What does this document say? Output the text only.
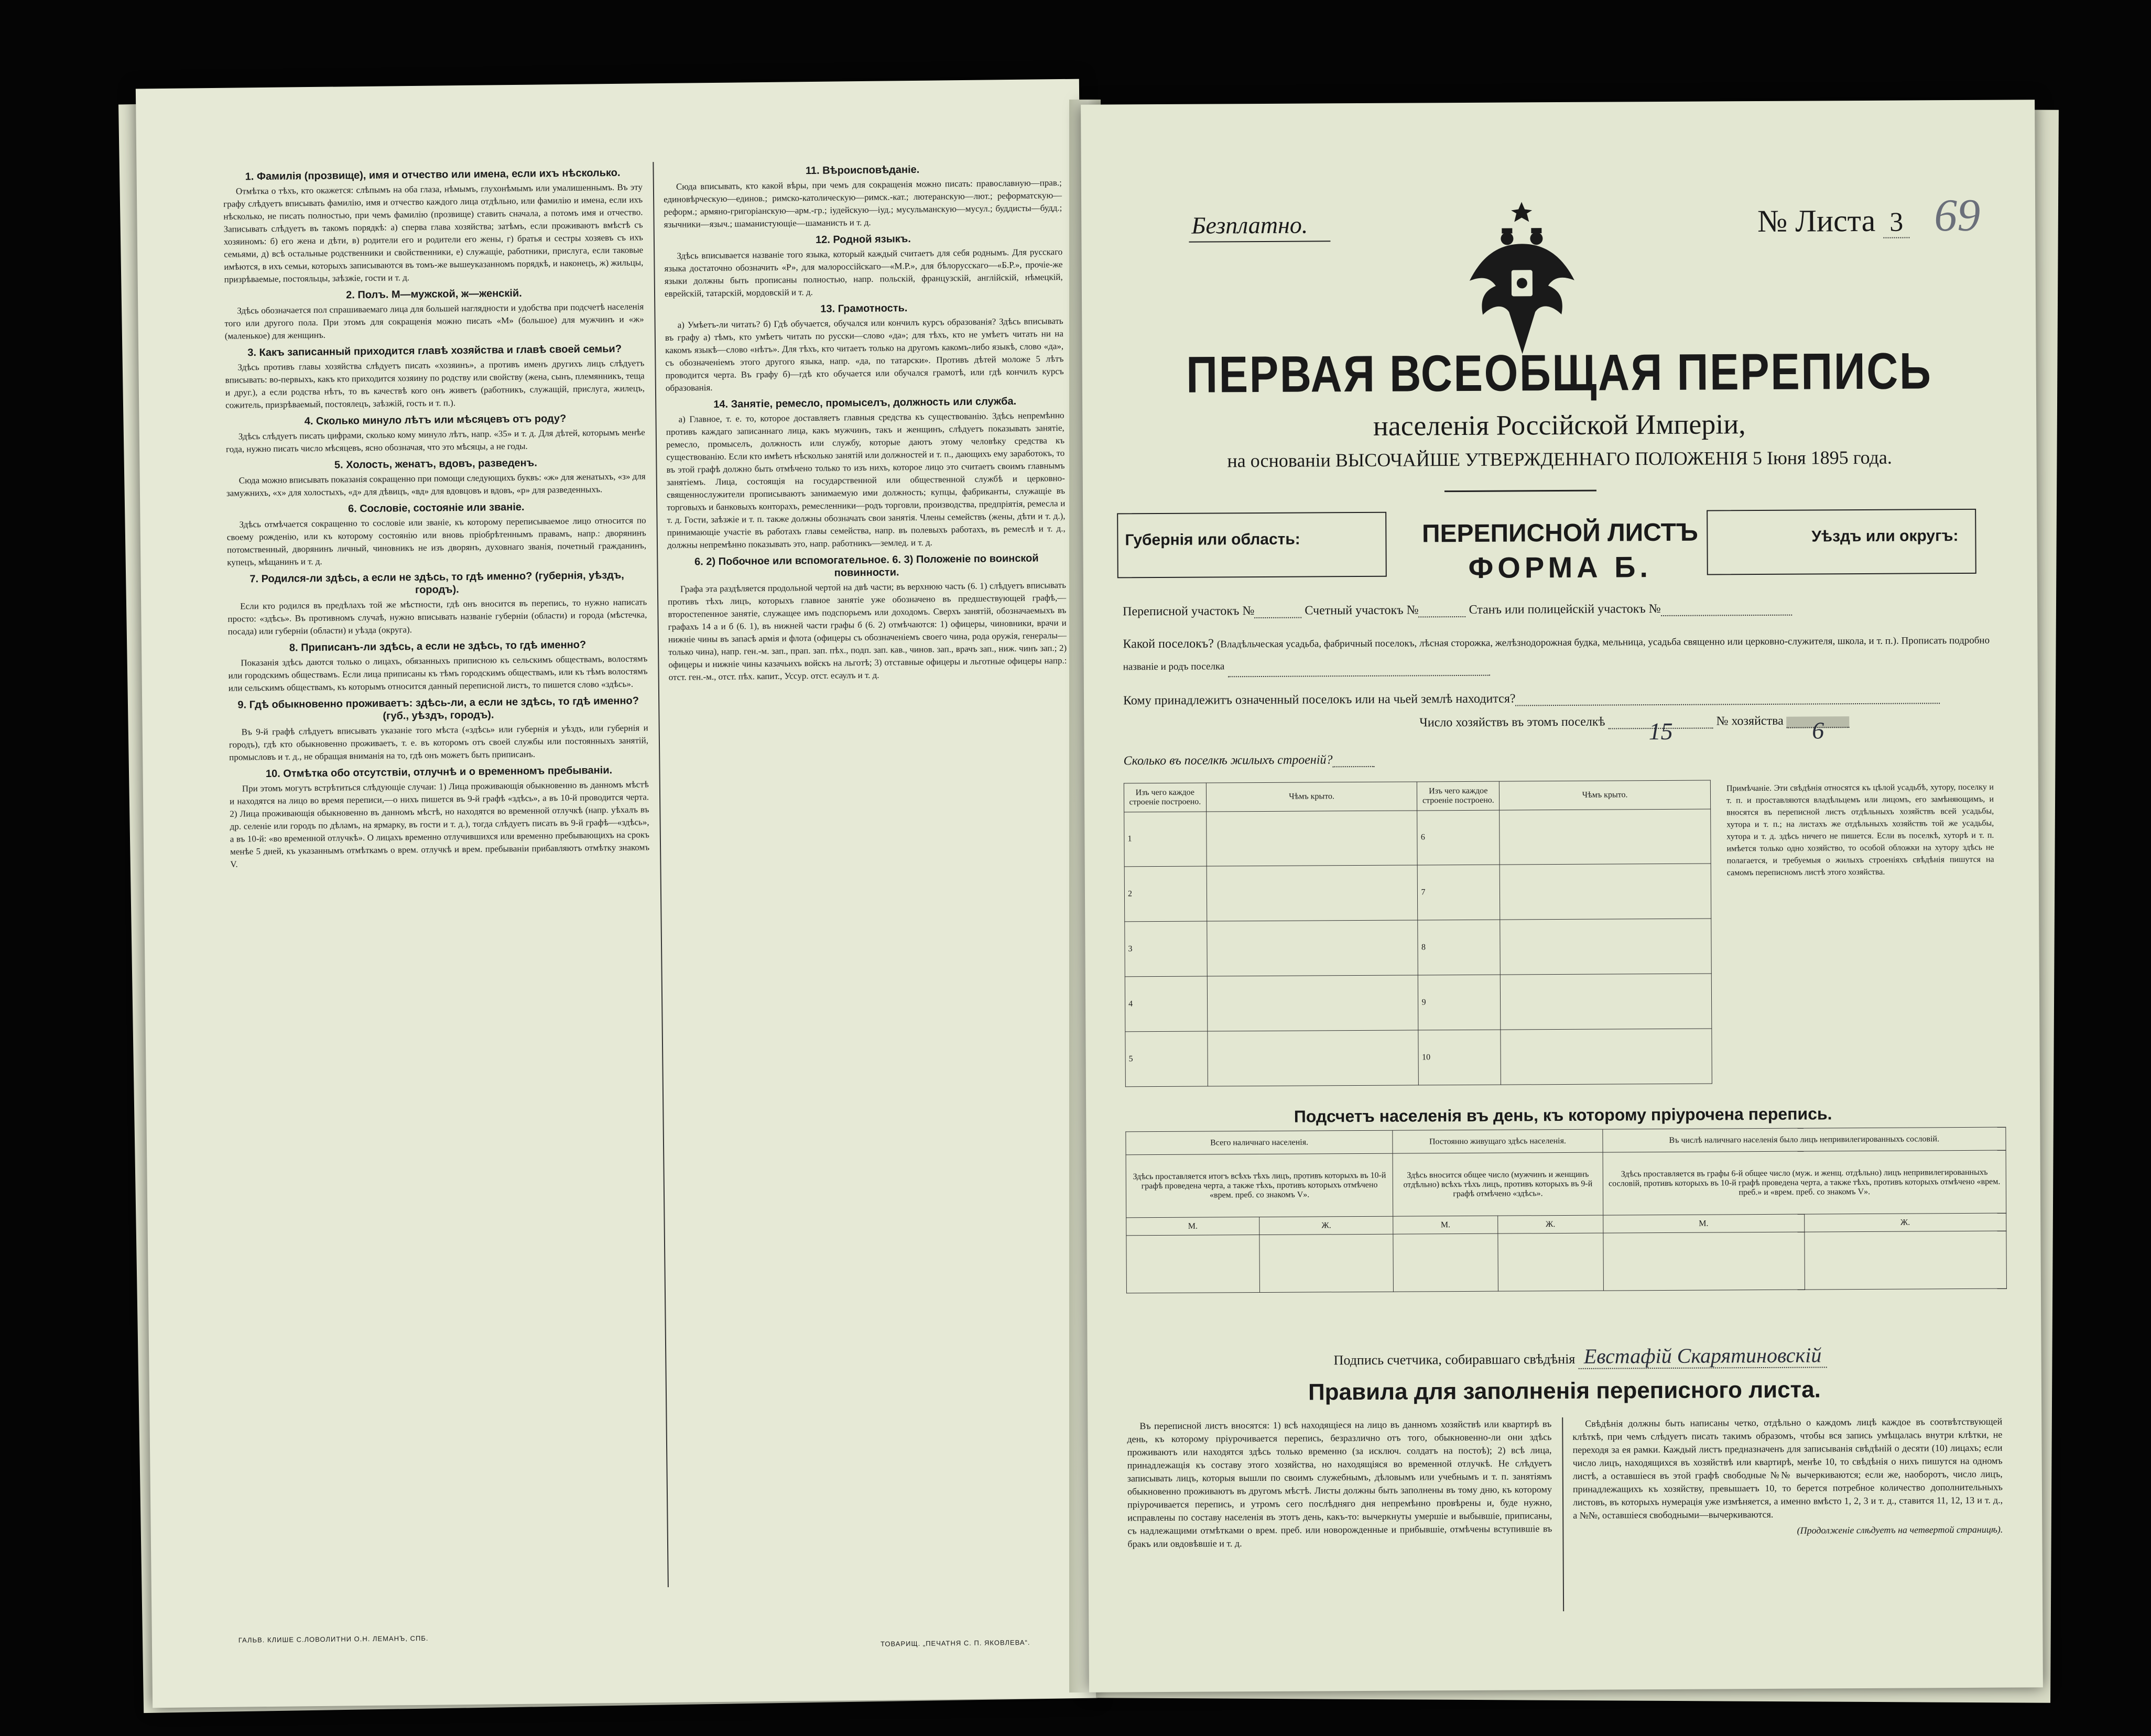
1. Фамилія (прозвище), имя и отчество или имена, если ихъ нѣсколько.

Отмѣтка о тѣхъ, кто окажется: слѣпымъ на оба глаза, нѣмымъ, глухонѣмымъ или умалишеннымъ. Въ эту графу слѣдуетъ вписывать фамилію, имя и отчество каждого лица отдѣльно, или фамилію и имена, если ихъ нѣсколько, не писать полностью, при чемъ фамилію (прозвище) ставить сначала, а потомъ имя и отчество. Записывать слѣдуетъ въ такомъ порядкѣ: а) сперва глава хозяйства; затѣмъ, если проживаютъ вмѣстѣ съ хозяиномъ: б) его жена и дѣти, в) родители его и родители его жены, г) братья и сестры хозяевъ съ ихъ семьями, д) всѣ остальные родственники и свойственники, е) служащіе, работники, прислуга, если таковые имѣются, в ихъ семьи, которыхъ записываются въ томъ-же вышеуказанномъ порядкѣ, и наконецъ, ж) жильцы, призрѣваемые, постояльцы, заѣзжіе, гости и т. д.

2. Полъ. М—мужской, ж—женскій.

Здѣсь обозначается пол спрашиваемаго лица для большей наглядности и удобства при подсчетѣ населенія того или другого пола. При этомъ для сокращенія можно писать «М» (большое) для мужчинъ и «ж» (маленькое) для женщинъ.

3. Какъ записанный приходится главѣ хозяйства и главѣ своей семьи?

Здѣсь противъ главы хозяйства слѣдуетъ писать «хозяинъ», а противъ именъ другихъ лицъ слѣдуетъ вписывать: во-первыхъ, какъ кто приходится хозяину по родству или свойству (жена, сынъ, племянникъ, теща и друг.), а если родства нѣтъ, то въ качествѣ кого онъ живетъ (работникъ, служащій, прислуга, жилецъ, сожитель, призрѣваемый, постоялецъ, заѣзжій, гость и т. п.).

4. Сколько минуло лѣтъ или мѣсяцевъ отъ роду?

Здѣсь слѣдуетъ писать цифрами, сколько кому минуло лѣтъ, напр. «35» и т. д. Для дѣтей, которымъ менѣе года, нужно писать число мѣсяцевъ, ясно обозначая, что это мѣсяцы, а не годы.

5. Холость, женатъ, вдовъ, разведенъ.

Сюда можно вписывать показанія сокращенно при помощи следующихъ буквъ: «ж» для женатыхъ, «з» для замужнихъ, «х» для холостыхъ, «д» для дѣвицъ, «вд» для вдовцовъ и вдовъ, «р» для разведенныхъ.

6. Сословіе, состояніе или званіе.

Здѣсь отмѣчается сокращенно то сословіе или званіе, къ которому переписываемое лицо относится по своему рожденію, или къ которому состоянію или вновь пріобрѣтеннымъ правамъ, напр.: дворянинъ потомственный, дворянинъ личный, чиновникъ не изъ дворянъ, духовнаго званія, почетный гражданинъ, купецъ, мѣщанинъ и т. д.

7. Родился-ли здѣсь, а если не здѣсь, то гдѣ именно? (губернія, уѣздъ, городъ).

Если кто родился въ предѣлахъ той же мѣстности, гдѣ онъ вносится въ перепись, то нужно написать просто: «здѣсь». Въ противномъ случаѣ, нужно вписывать названіе губерніи (области) и города (мѣстечка, посада) или губерніи (области) и уѣзда (округа).

8. Приписанъ-ли здѣсь, а если не здѣсь, то гдѣ именно?

Показанія здѣсь даются только о лицахъ, обязанныхъ приписною къ сельскимъ обществамъ, волостямъ или городскимъ обществамъ. Если лица приписаны къ тѣмъ городскимъ обществамъ, или къ тѣмъ волостямъ или сельскимъ обществамъ, къ которымъ относится данный переписной листъ, то пишется слово «здѣсь».

9. Гдѣ обыкновенно проживаетъ: здѣсь-ли, а если не здѣсь, то гдѣ именно? (губ., уѣздъ, городъ).

Въ 9-й графѣ слѣдуетъ вписывать указаніе того мѣста («здѣсь» или губернія и уѣздъ, или губернія и городъ), гдѣ кто обыкновенно проживаетъ, т. е. въ которомъ отъ своей службы или постоянныхъ занятій, промысловъ и т. д., не обращая вниманія на то, гдѣ онъ можетъ быть приписанъ.

10. Отмѣтка обо отсутствіи, отлучнѣ и о временномъ пребываніи.

При этомъ могутъ встрѣтиться слѣдующіе случаи: 1) Лица проживающія обыкновенно въ данномъ мѣстѣ и находятся на лицо во время переписи,—о нихъ пишется въ 9-й графѣ «здѣсь», а въ 10-й проводится черта. 2) Лица проживающія обыкновенно въ данномъ мѣстѣ, но находятся во временной отлучкѣ (напр. уѣхалъ въ др. селеніе или городъ по дѣламъ, на ярмарку, въ гости и т. д.), тогда слѣдуетъ писать въ 9-й графѣ—«здѣсь», а въ 10-й: «во временной отлучкѣ». О лицахъ временно отлучившихся или временно пребывающихъ на срокъ менѣе 5 дней, къ указаннымъ отмѣткамъ о врем. отлучкѣ и врем. пребываніи прибавляютъ отмѣтку знакомъ V.

11. Вѣроисповѣданіе.

Сюда вписывать, кто какой вѣры, при чемъ для сокращенія можно писать: православную—прав.; единовѣрческую—единов.; римско-католическую—римск.-кат.; лютеранскую—лют.; реформатскую—реформ.; армяно-григоріанскую—арм.-гр.; іудейскую—іуд.; мусульманскую—мусул.; буддисты—будд.; язычники—языч.; шаманистующіе—шаманисть и т. д.

12. Родной языкъ.

Здѣсь вписывается названіе того языка, который каждый считаетъ для себя роднымъ. Для русскаго языка достаточно обозначить «Р», для малороссійскаго—«М.Р.», для бѣлорусскаго—«Б.Р.», прочіе-же языки должны быть прописаны полностью, напр. польскій, французскій, англійскій, нѣмецкій, еврейскій, татарскій, мордовскій и т. д.

13. Грамотность.

а) Умѣетъ-ли читать? б) Гдѣ обучается, обучался или кончилъ курсъ образованія? Здѣсь вписывать въ графу а) тѣмъ, кто умѣетъ читать по русски—слово «да»; для тѣхъ, кто не умѣетъ читать ни на какомъ языкѣ—слово «нѣтъ». Для тѣхъ, кто читаетъ только на другомъ какомъ-либо языкѣ, слово «да», съ обозначеніемъ этого другого языка, напр. «да, по татарски». Противъ дѣтей моложе 5 лѣтъ проводится черта. Въ графу б)—гдѣ кто обучается или обучался грамотѣ, или гдѣ кончилъ курсъ образованія.

14. Занятіе, ремесло, промыселъ, должность или служба.

а) Главное, т. е. то, которое доставляетъ главныя средства къ существованію. Здѣсь непремѣнно противъ каждаго записаннаго лица, какъ мужчинъ, такъ и женщинъ, слѣдуетъ показывать занятіе, ремесло, промыселъ, должность или службу, которые даютъ этому человѣку средства къ существованію. Если кто имѣетъ нѣсколько занятій или должностей и т. п., дающихъ ему заработокъ, то въ этой графѣ должно быть отмѣчено только то изъ нихъ, которое лицо это считаетъ своимъ главнымъ занятіемъ. Лица, состоящія на государственной или общественной службѣ и церковно-священнослужители прописываютъ занимаемую ими должность; купцы, фабриканты, служащіе въ торговыхъ и банковыхъ конторахъ, ремесленники—родъ торговли, производства, предпріятія, ремесла и т. д. Гости, заѣзжіе и т. п. также должны обозначать свои занятія. Члены семействъ (жены, дѣти и т. д.), принимающіе участіе въ работахъ главы семейства, напр. въ полевыхъ работахъ, въ ремеслѣ и т. д., должны непремѣнно показывать это, напр. работникъ—землед. и т. д.

6. 2) Побочное или вспомогательное. 6. 3) Положеніе по воинской повинности.

Графа эта раздѣляется продольной чертой на двѣ части; въ верхнюю часть (6. 1) слѣдуетъ вписывать противъ тѣхъ лицъ, которыхъ главное занятіе уже обозначено въ предшествующей графѣ,—второстепенное занятіе, служащее имъ подспорьемъ или доходомъ. Сверхъ занятій, обозначаемыхъ въ графахъ 14 а и б (6. 1), въ нижней части графы б (6. 2) отмѣчаются: 1) офицеры, чиновники, врачи и нижніе чины въ запасѣ армія и флота (офицеры съ обозначеніемъ своего чина, рода оружія, генералы—только чина), напр. ген.-м. зап., прап. зап. пѣх., подп. зап. кав., чинов. зап., врачъ зап., ниж. чинъ зап.; 2) офицеры и нижніе чины казачьихъ войскъ на льготѣ; 3) отставные офицеры и льготные офицеры напр.: отст. ген.-м., отст. пѣх. капит., Уссур. отст. есаулъ и т. д.

ГАЛЬВ. КЛИШЕ С.ЛОВОЛИТНИ О.Н. ЛЕМАНЪ, СПБ.	ТОВАРИЩ. „ПЕЧАТНЯ С. П. ЯКОВЛЕВА“.
Безплатно.	№ Листа 3 69
ПЕРВАЯ ВСЕОБЩАЯ ПЕРЕПИСЬ
населенія Россійской Имперіи,
на основаніи ВЫСОЧАЙШЕ УТВЕРЖДЕННАГО ПОЛОЖЕНІЯ 5 Іюня 1895 года.
Губернія или область:	ПЕРЕПИСНОЙ ЛИСТЪ
ФОРМА Б.
Уѣздъ или округъ:
Переписной участокъ №	Счетный участокъ №	Станъ или полицейскій участокъ №
Какой поселокъ? (Владѣльческая усадьба, фабричный поселокъ, лѣсная сторожка, желѣзнодорожная будка, мельница, усадьба священно или церковно-служителя, школа, и т. п.). Прописать подробно названіе и родъ поселка
Кому принадлежитъ означенный поселокъ или на чьей землѣ находится?
Число хозяйствъ въ этомъ поселкѣ 15	№ хозяйства 6
Сколько въ поселкѣ жилыхъ строеній?
Изъ чего каждое строеніе построено.	Чѣмъ крыто.	Изъ чего каждое строеніе построено.	Чѣмъ крыто.
1		6	
2		7	
3		8	
4		9	
5		10	
Примѣчаніе. Эти свѣдѣнія относятся къ цѣлой усадьбѣ, хутору, поселку и т. п. и проставляются владѣльцемъ или лицомъ, его замѣняющимъ, и вносятся въ переписной листъ отдѣльныхъ хозяйствъ всей усадьбы, хутора и т. п.; на листахъ же отдѣльныхъ хозяйствъ той же усадьбы, хутора и т. д. здѣсь ничего не пишется. Если въ поселкѣ, хуторѣ и т. п. имѣется только одно хозяйство, то особой обложки на хутору здѣсь не полагается, и требуемыя о жилыхъ строеніяхъ свѣдѣнія пишутся на самомъ переписномъ листѣ этого хозяйства.
Подсчетъ населенія въ день, къ которому пріурочена перепись.
Всего наличнаго населенія.		Постоянно живущаго здѣсь населенія.		Въ числѣ наличнаго населенія было лицъ непривилегированныхъ сословій.	
Здѣсь проставляется итогъ всѣхъ тѣхъ лицъ, противъ которыхъ въ 10-й графѣ проведена черта, а также тѣхъ, противъ которыхъ отмѣчено «врем. преб. со знакомъ V».		Здѣсь вносится общее число (мужчинъ и женщинъ отдѣльно) всѣхъ тѣхъ лицъ, противъ которыхъ въ 9-й графѣ отмѣчено «здѣсь».		Здѣсь проставляется въ графы 6-й общее число (муж. и женщ. отдѣльно) лицъ непривилегированныхъ сословій, противъ которыхъ въ 10-й графѣ проведена черта, а также тѣхъ, противъ которыхъ отмѣчено «врем. преб.» и «врем. преб. со знакомъ V».	
М.	Ж.	М.	Ж.	М.	Ж.

Подпись счетчика, собиравшаго свѣдѣнія Евстафій Скарятиновскій
Правила для заполненія переписного листа.

Въ переписной листъ вносятся: 1) всѣ находящіеся на лицо въ данномъ хозяйствѣ или квартирѣ въ день, къ которому пріурочивается перепись, безразлично отъ того, обыкновенно-ли они здѣсь проживаютъ или находятся здѣсь только временно (за исключ. солдатъ на постоѣ); 2) всѣ лица, принадлежащія къ составу этого хозяйства, но находящіяся во временной отлучкѣ. Не слѣдуетъ записывать лицъ, которыя вышли по своимъ служебнымъ, дѣловымъ или учебнымъ и т. п. занятіямъ обыкновенно проживаютъ въ другомъ мѣстѣ. Листы должны быть заполнены въ тому дню, къ которому пріурочивается перепись, и утромъ сего послѣдняго дня непремѣнно провѣрены и, буде нужно, исправлены по составу населенія въ этотъ день, какъ-то: вычеркнуты умершіе и выбывшіе, приписаны, съ надлежащими отмѣтками о врем. преб. или новорожденные и прибывшіе, отмѣчены вступившіе въ бракъ или овдовѣвшіе и т. д.

Свѣдѣнія должны быть написаны четко, отдѣльно о каждомъ лицѣ каждое въ соотвѣтствующей клѣткѣ, при чемъ слѣдуетъ писать такимъ образомъ, чтобы вся запись умѣщалась внутри клѣтки, не переходя за ея рамки. Каждый листъ предназначенъ для записыванія свѣдѣній о десяти (10) лицахъ; если число лицъ, находящихся въ хозяйствѣ или квартирѣ, менѣе 10, то свѣдѣнія о нихъ пишутся на одномъ листѣ, а оставшіеся въ этой графѣ свободные №№ вычеркиваются; если же, наоборотъ, число лицъ, принадлежащихъ къ хозяйству, превышаетъ 10, то берется потребное количество дополнительныхъ листовъ, въ которыхъ нумерація уже измѣняется, а именно вмѣсто 1, 2, 3 и т. д., ставится 11, 12, 13 и т. д., а №№, оставшіеся свободными—вычеркиваются.

(Продолженіе слѣдуетъ на четвертой страницѣ).
